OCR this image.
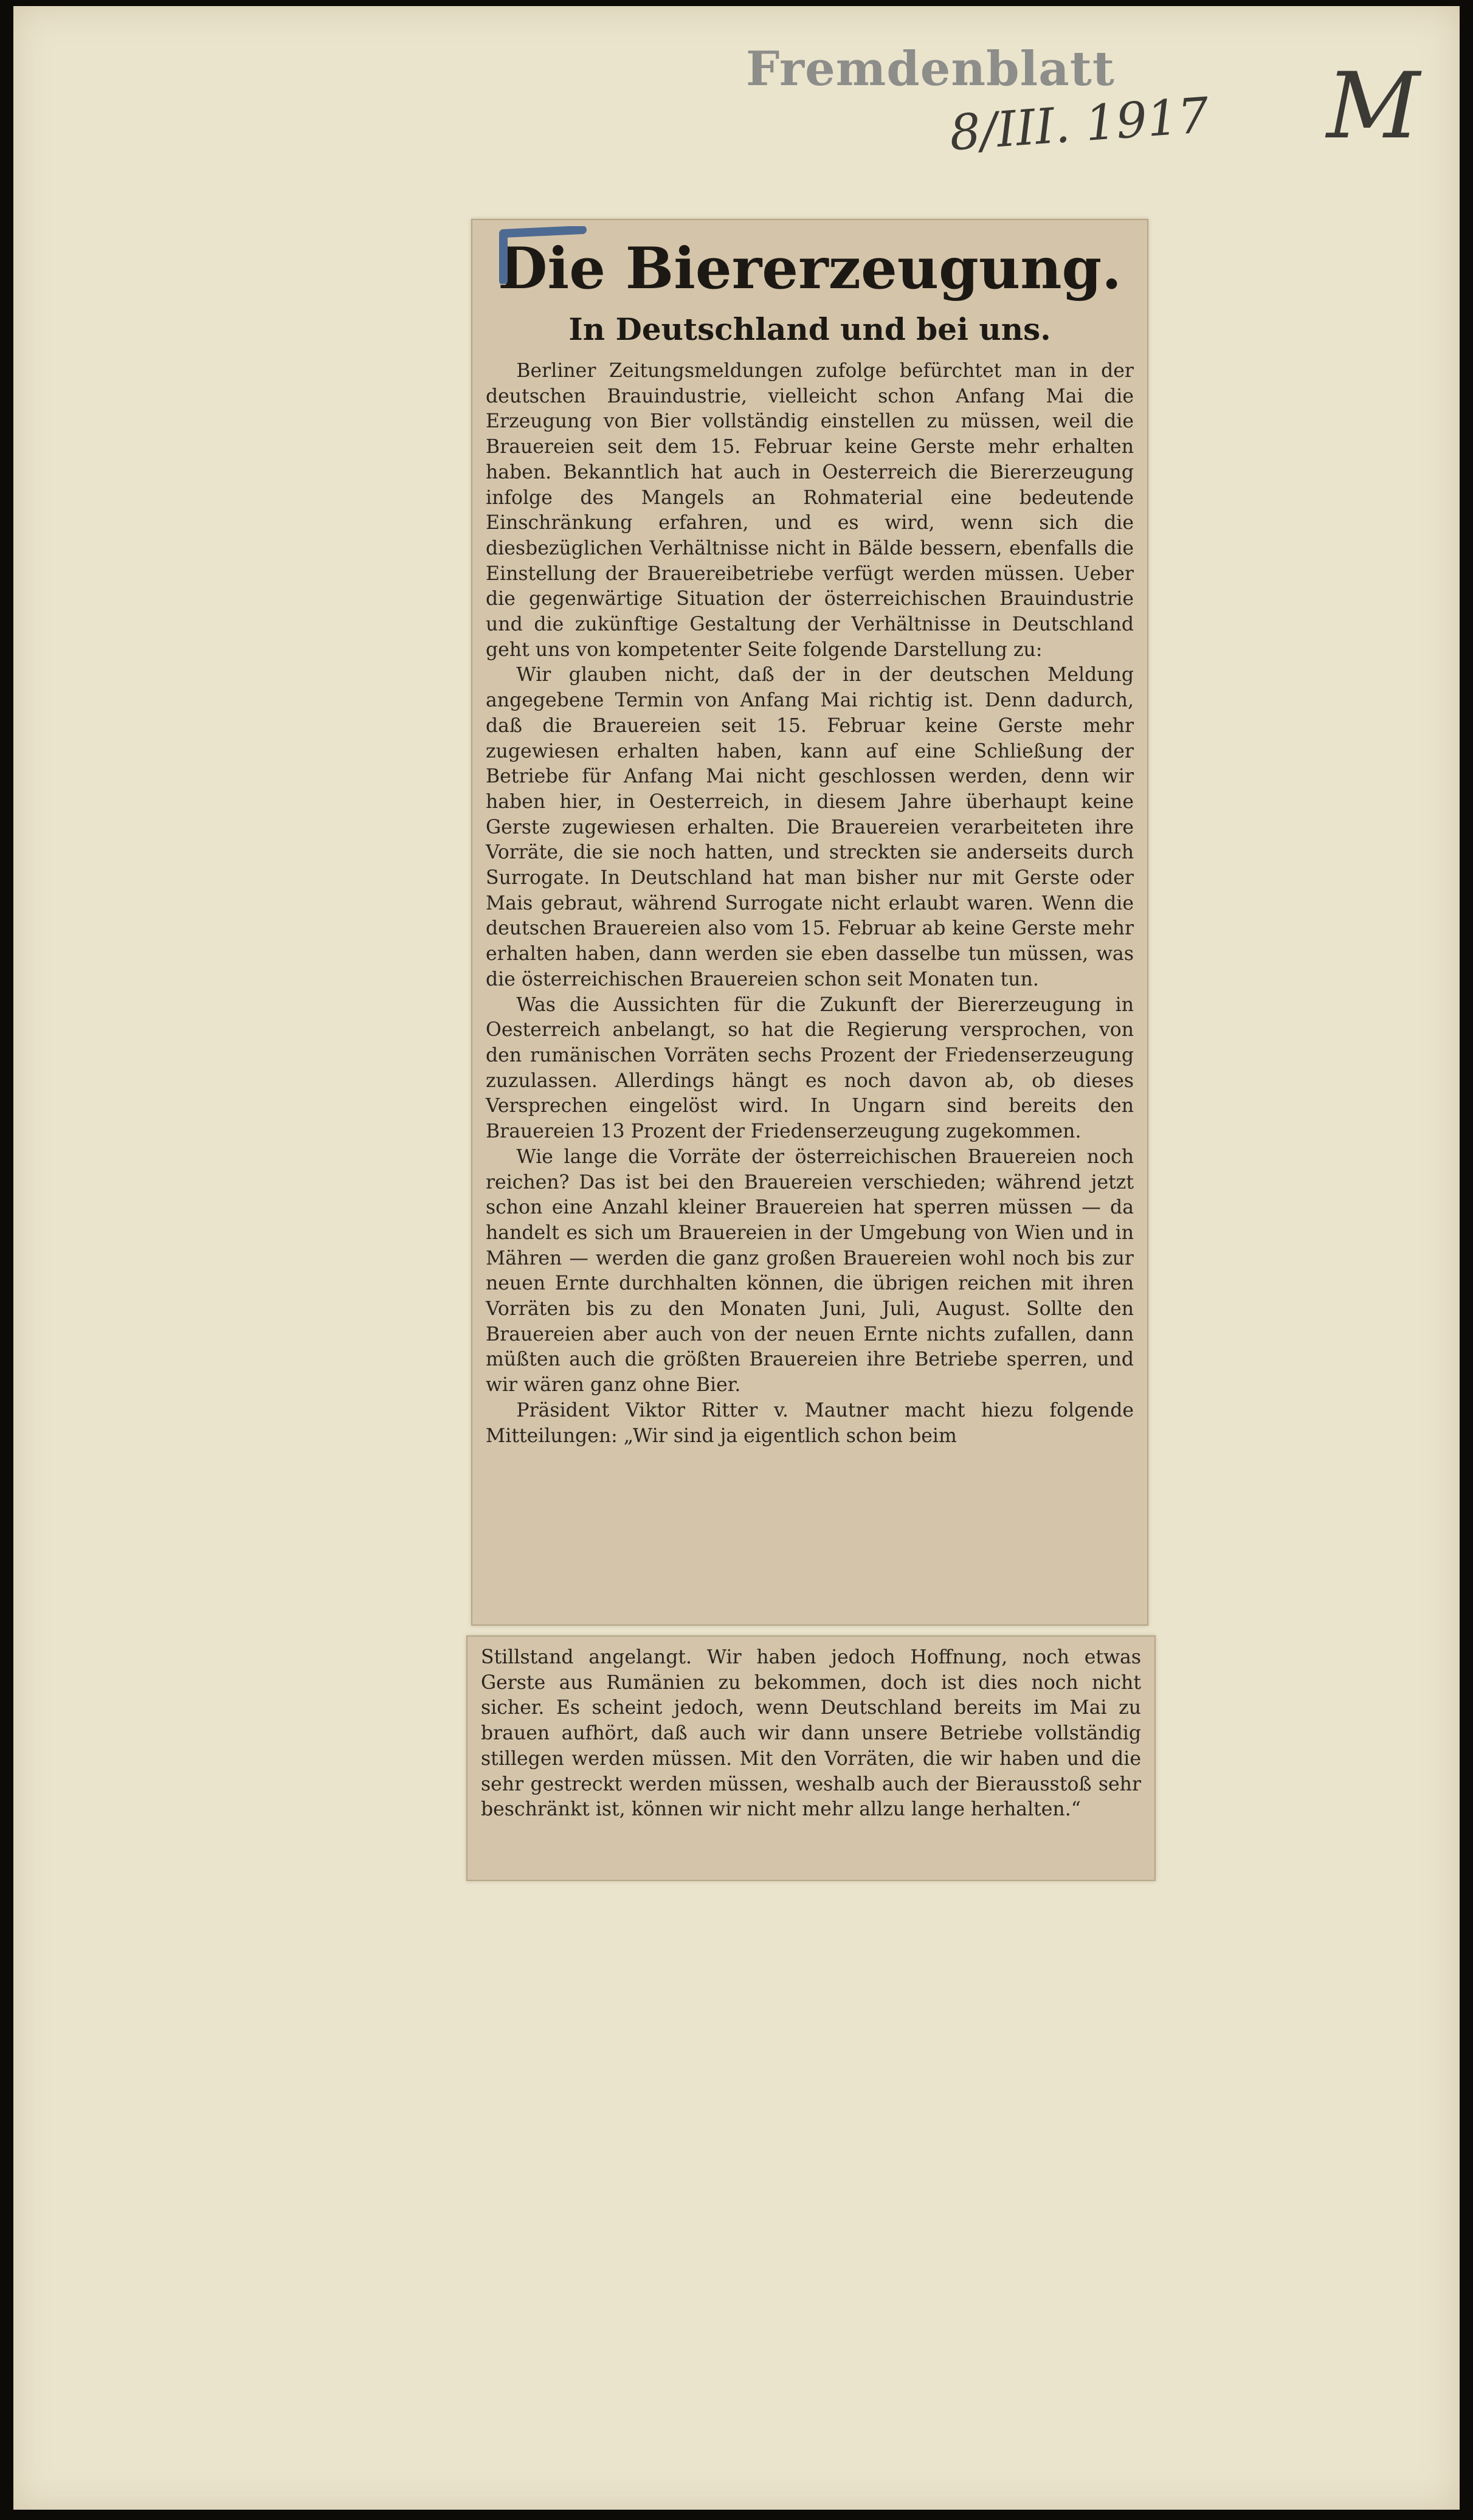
Fremdenblatt
8/III. 1917 M
Die Biererzeugung.
In Deutschland und bei uns.

Berliner Zeitungsmeldungen zufolge befürchtet man in der deutschen Brauindustrie, vielleicht schon Anfang Mai die Erzeugung von Bier vollständig einstellen zu müssen, weil die Brauereien seit dem 15. Februar keine Gerste mehr erhalten haben. Bekanntlich hat auch in Oesterreich die Biererzeugung infolge des Mangels an Rohmaterial eine bedeutende Einschränkung erfahren, und es wird, wenn sich die diesbezüglichen Verhältnisse nicht in Bälde bessern, ebenfalls die Einstellung der Brauereibetriebe verfügt werden müssen. Ueber die gegenwärtige Situation der österreichischen Brauindustrie und die zukünftige Gestaltung der Verhältnisse in Deutschland geht uns von kompetenter Seite folgende Darstellung zu:

Wir glauben nicht, daß der in der deutschen Meldung angegebene Termin von Anfang Mai richtig ist. Denn dadurch, daß die Brauereien seit 15. Februar keine Gerste mehr zugewiesen erhalten haben, kann auf eine Schließung der Betriebe für Anfang Mai nicht geschlossen werden, denn wir haben hier, in Oesterreich, in diesem Jahre überhaupt keine Gerste zugewiesen erhalten. Die Brauereien verarbeiteten ihre Vorräte, die sie noch hatten, und streckten sie anderseits durch Surrogate. In Deutschland hat man bisher nur mit Gerste oder Mais gebraut, während Surrogate nicht erlaubt waren. Wenn die deutschen Brauereien also vom 15. Februar ab keine Gerste mehr erhalten haben, dann werden sie eben dasselbe tun müssen, was die österreichischen Brauereien schon seit Monaten tun.

Was die Aussichten für die Zukunft der Biererzeugung in Oesterreich anbelangt, so hat die Regierung versprochen, von den rumänischen Vorräten sechs Prozent der Friedenserzeugung zuzulassen. Allerdings hängt es noch davon ab, ob dieses Versprechen eingelöst wird. In Ungarn sind bereits den Brauereien 13 Prozent der Friedenserzeugung zugekommen.

Wie lange die Vorräte der österreichischen Brauereien noch reichen? Das ist bei den Brauereien verschieden; während jetzt schon eine Anzahl kleiner Brauereien hat sperren müssen — da handelt es sich um Brauereien in der Umgebung von Wien und in Mähren — werden die ganz großen Brauereien wohl noch bis zur neuen Ernte durchhalten können, die übrigen reichen mit ihren Vorräten bis zu den Monaten Juni, Juli, August. Sollte den Brauereien aber auch von der neuen Ernte nichts zufallen, dann müßten auch die größten Brauereien ihre Betriebe sperren, und wir wären ganz ohne Bier.

Präsident Viktor Ritter v. Mautner macht hiezu folgende Mitteilungen: „Wir sind ja eigentlich schon beim

Stillstand angelangt. Wir haben jedoch Hoffnung, noch etwas Gerste aus Rumänien zu bekommen, doch ist dies noch nicht sicher. Es scheint jedoch, wenn Deutschland bereits im Mai zu brauen aufhört, daß auch wir dann unsere Betriebe vollständig stillegen werden müssen. Mit den Vorräten, die wir haben und die sehr gestreckt werden müssen, weshalb auch der Bierausstoß sehr beschränkt ist, können wir nicht mehr allzu lange herhalten.“
